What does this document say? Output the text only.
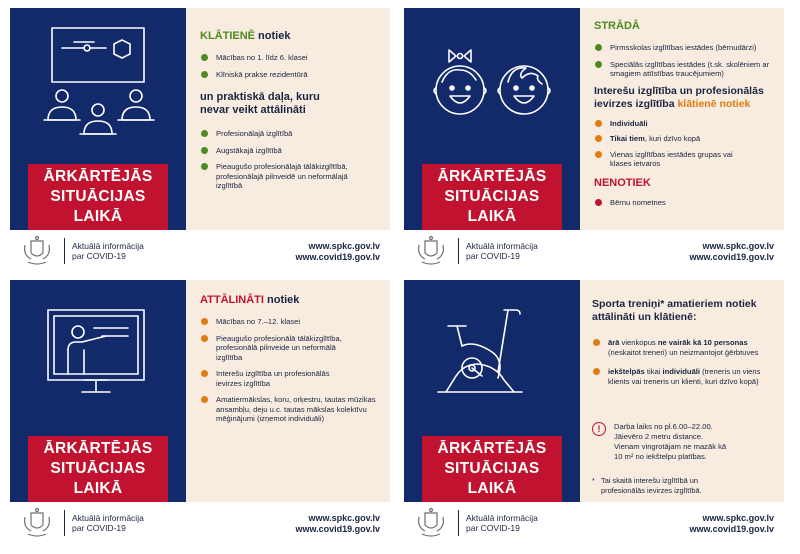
ĀRKĀRTĒJĀS
SITUĀCIJAS LAIKĀ
KLĀTIENĒ notiek
Mācības no 1. līdz 6. klasei
Klīniskā prakse rezidentūrā
un praktiskā daļa, kuru nevar veikt attālināti
Profesionālajā izglītībā
Augstākajā izglītībā
Pieaugušo profesionālajā tālākizglītībā, profesionālajā pilnveidē un neformālajā izglītībā
Aktuālā informācija
par COVID-19
www.spkc.gov.lv
www.covid19.gov.lv
ĀRKĀRTĒJĀS
SITUĀCIJAS LAIKĀ
STRĀDĀ
Pirmsskolas izglītības iestādes (bērnudārzi)
Speciālās izglītības iestādes (t.sk. skolēniem ar smagiem attīstības traucējumiem)
Interešu izglītība un profesionālās ievirzes izglītība klātienē notiek
Individuāli
Tikai tiem, kuri dzīvo kopā
Vienas izglītības iestādes grupas vai klases ietvaros
NENOTIEK
Bērnu nometnes
Aktuālā informācija
par COVID-19
www.spkc.gov.lv
www.covid19.gov.lv
ĀRKĀRTĒJĀS
SITUĀCIJAS LAIKĀ
ATTĀLINĀTI notiek
Mācības no 7.–12. klasei
Pieaugušo profesionālā tālākizglītība, profesionālā pilnveide un neformālā izglītība
Interešu izglītība un profesionālās ievirzes izglītība
Amatiermākslas, koru, orķestru, tautas mūzikas ansambļu, deju u.c. tautas mākslas kolektīvu mēģinājumi (izņemot individuāli)
Aktuālā informācija
par COVID-19
www.spkc.gov.lv
www.covid19.gov.lv
ĀRKĀRTĒJĀS
SITUĀCIJAS LAIKĀ
Sporta treniņi* amatieriem notiek attālināti un klātienē:
ārā vienkopus ne vairāk kā 10 personas (neskaitot treneri) un neizmantojot ģērbtuves
iekštelpās tikai individuāli (treneris un viens klients vai treneris un klienti, kuri dzīvo kopā)
!	Darba laiks no pl.6.00–22.00.
Jāievēro 2 metru distance.
Vienam vingrotājam ne mazāk kā
10 m² no iekštelpu platības.
* Tai skaitā interešu izglītībā un
profesionālās ievirzes izglītībā.
Aktuālā informācija
par COVID-19
www.spkc.gov.lv
www.covid19.gov.lv
